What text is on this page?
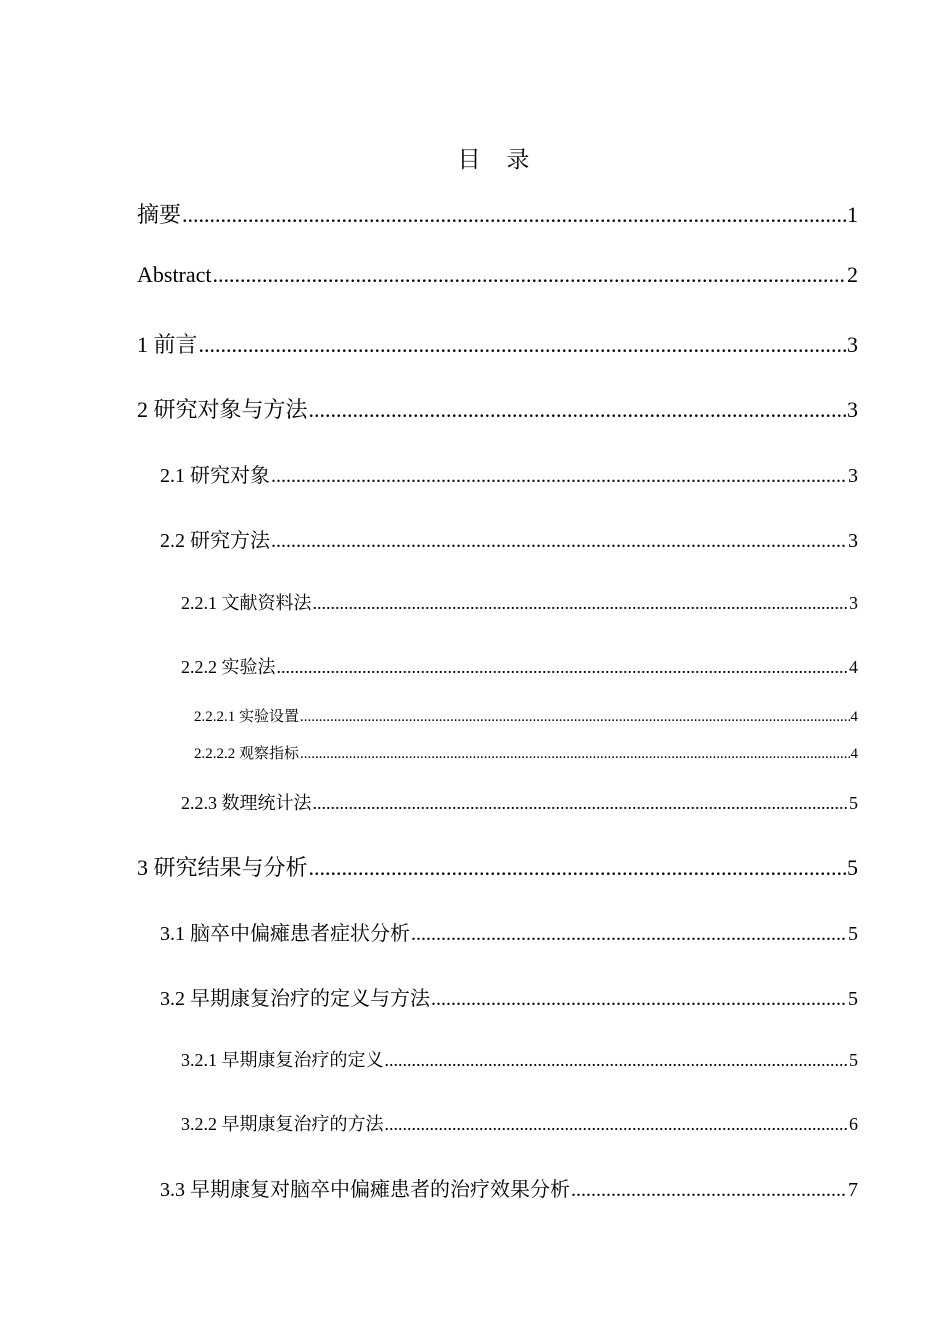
目 录
摘要 .....	1
Abstract .....	2
1 前言 .....	3
2 研究对象与方法 .....	3
2.1 研究对象 .....	3
2.2 研究方法 .....	3
2.2.1 文献资料法 .....	3
2.2.2 实验法 .....	4
2.2.2.1 实验设置 .....	4
2.2.2.2 观察指标 .....	4
2.2.3 数理统计法 .....	5
3 研究结果与分析 .....	5
3.1 脑卒中偏瘫患者症状分析 .....	5
3.2 早期康复治疗的定义与方法 .....	5
3.2.1 早期康复治疗的定义 .....	5
3.2.2 早期康复治疗的方法 .....	6
3.3 早期康复对脑卒中偏瘫患者的治疗效果分析 .....	7
